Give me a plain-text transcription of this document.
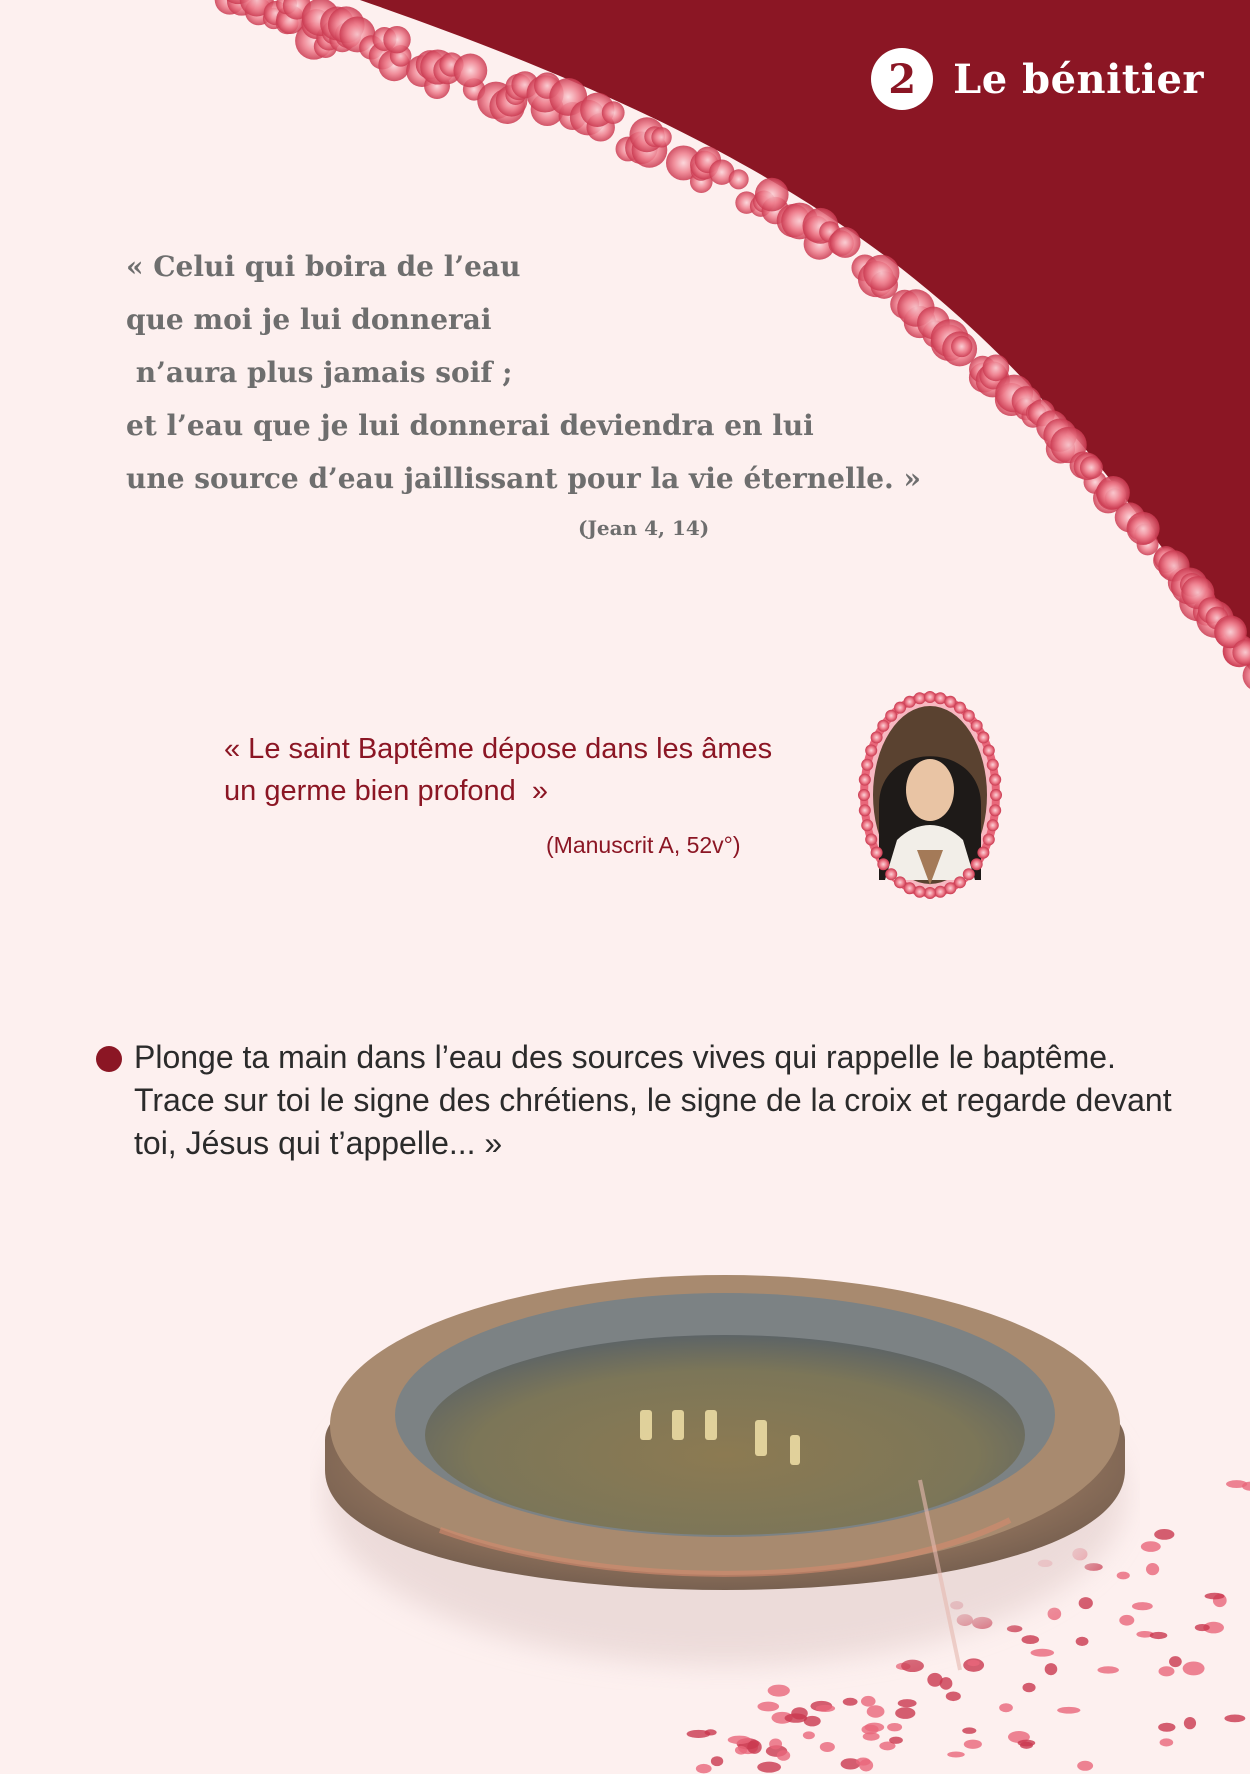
2 Le bénitier
« Celui qui boira de l’eau
que moi je lui donnerai
n’aura plus jamais soif ;
et l’eau que je lui donnerai deviendra en lui
une source d’eau jaillissant pour la vie éternelle. »
(Jean 4, 14)
« Le saint Baptême dépose dans les âmes
un germe bien profond  »
(Manuscrit A, 52v°)
Plonge ta main dans l’eau des sources vives qui rappelle le baptême.
Trace sur toi le signe des chrétiens, le signe de la croix et regarde devant
toi, Jésus qui t’appelle... »
